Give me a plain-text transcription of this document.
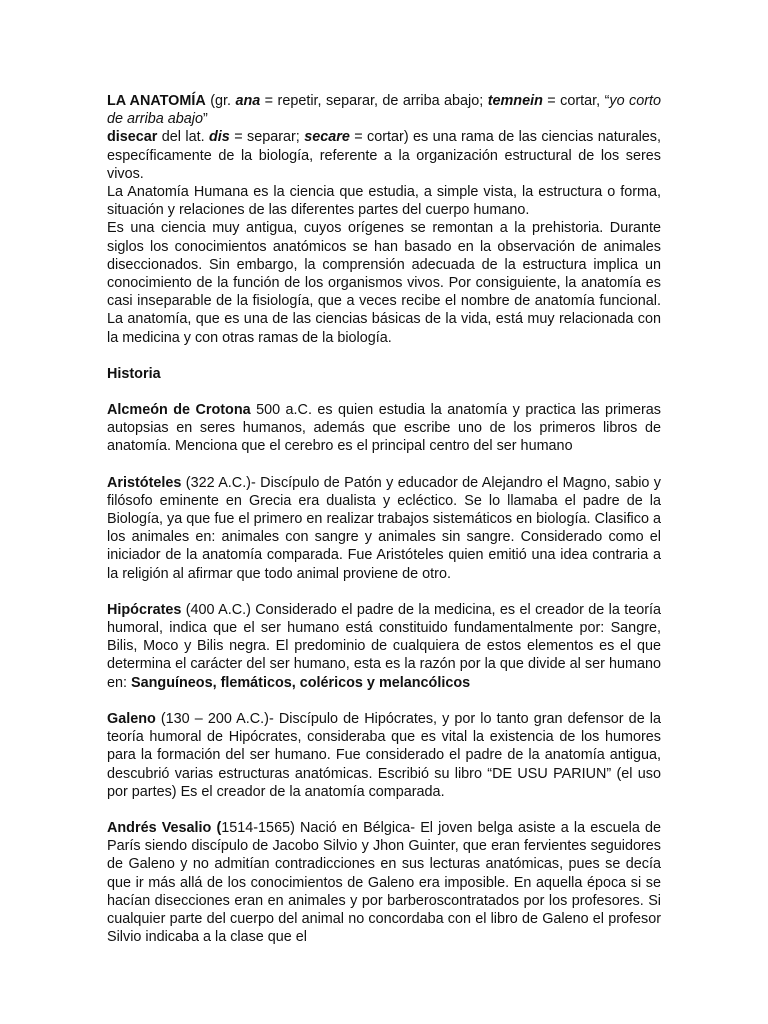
LA ANATOMÍA (gr. ana = repetir, separar, de arriba abajo; temnein = cortar, “yo corto de arriba abajo”
disecar del lat. dis = separar; secare = cortar) es una rama de las ciencias naturales, específicamente de la biología, referente a la organización estructural de los seres vivos.

La Anatomía Humana es la ciencia que estudia, a simple vista, la estructura o forma, situación y relaciones de las diferentes partes del cuerpo humano.

Es una ciencia muy antigua, cuyos orígenes se remontan a la prehistoria. Durante siglos los conocimientos anatómicos se han basado en la observación de animales diseccionados. Sin embargo, la comprensión adecuada de la estructura implica un conocimiento de la función de los organismos vivos. Por consiguiente, la anatomía es casi inseparable de la fisiología, que a veces recibe el nombre de anatomía funcional. La anatomía, que es una de las ciencias básicas de la vida, está muy relacionada con la medicina y con otras ramas de la biología.

Historia

Alcmeón de Crotona 500 a.C. es quien estudia la anatomía y practica las primeras autopsias en seres humanos, además que escribe uno de los primeros libros de anatomía. Menciona que el cerebro es el principal centro del ser humano

Aristóteles (322 A.C.)- Discípulo de Patón y educador de Alejandro el Magno, sabio y filósofo eminente en Grecia era dualista y ecléctico. Se lo llamaba el padre de la Biología, ya que fue el primero en realizar trabajos sistemáticos en biología. Clasifico a los animales en: animales con sangre y animales sin sangre. Considerado como el iniciador de la anatomía comparada. Fue Aristóteles quien emitió una idea contraria a la religión al afirmar que todo animal proviene de otro.

Hipócrates (400 A.C.) Considerado el padre de la medicina, es el creador de la teoría humoral, indica que el ser humano está constituido fundamentalmente por: Sangre, Bilis, Moco y Bilis negra. El predominio de cualquiera de estos elementos es el que determina el carácter del ser humano, esta es la razón por la que divide al ser humano en: Sanguíneos, flemáticos, coléricos y melancólicos

Galeno (130 – 200 A.C.)- Discípulo de Hipócrates, y por lo tanto gran defensor de la teoría humoral de Hipócrates, consideraba que es vital la existencia de los humores para la formación del ser humano. Fue considerado el padre de la anatomía antigua, descubrió varias estructuras anatómicas. Escribió su libro “DE USU PARIUN” (el uso por partes) Es el creador de la anatomía comparada.

Andrés Vesalio (1514-1565) Nació en Bélgica- El joven belga asiste a la escuela de París siendo discípulo de Jacobo Silvio y Jhon Guinter, que eran fervientes seguidores de Galeno y no admitían contradicciones en sus lecturas anatómicas, pues se decía que ir más allá de los conocimientos de Galeno era imposible. En aquella época si se hacían disecciones eran en animales y por barberoscontratados por los profesores. Si cualquier parte del cuerpo del animal no concordaba con el libro de Galeno el profesor Silvio indicaba a la clase que el
